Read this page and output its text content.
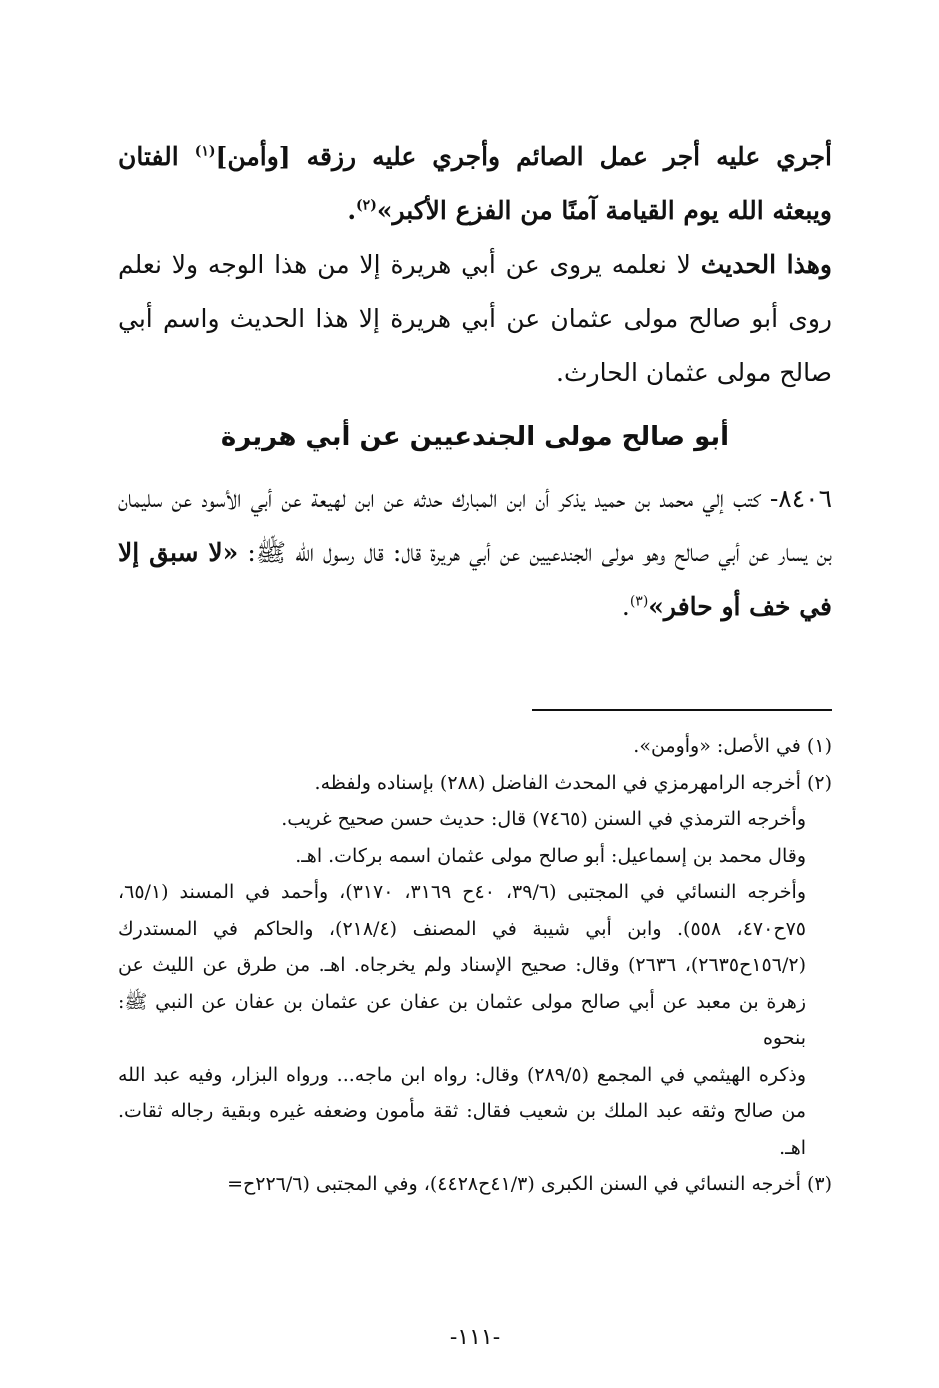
أجري عليه أجر عمل الصائم وأجري عليه رزقه [وأمن]$^{(١)}$ الفتان ويبعثه الله يوم القيامة آمنًا من الفزع الأكبر»$^{(٢)}$.

وهذا الحديث لا نعلمه يروى عن أبي هريرة إلا من هذا الوجه ولا نعلم روى أبو صالح مولى عثمان عن أبي هريرة إلا هذا الحديث واسم أبي صالح مولى عثمان الحارث.

أبو صالح مولى الجندعيين عن أبي هريرة

٨٤٠٦- كتب إلي محمد بن حميد يذكر أن ابن المبارك حدثه عن ابن لهيعة عن أبي الأسود عن سليمان بن يسار عن أبي صالح وهو مولى الجندعيين عن أبي هريرة قال: قال رسول الله ﷺ: «لا سبق إلا في خف أو حافر»$^{(٣)}$.

(١) في الأصل: «وأومن».

(٢) أخرجه الرامهرمزي في المحدث الفاضل (٢٨٨) بإسناده ولفظه.

وأخرجه الترمذي في السنن (٧٤٦٥) قال: حديث حسن صحيح غريب.

وقال محمد بن إسماعيل: أبو صالح مولى عثمان اسمه بركات. اهـ.

وأخرجه النسائي في المجتبى (٣٩/٦، ٤٠ح ٣١٦٩، ٣١٧٠)، وأحمد في المسند (٦٥/١، ٧٥ح٤٧٠، ٥٥٨). وابن أبي شيبة في المصنف (٢١٨/٤)، والحاكم في المستدرك (١٥٦/٢ح٢٦٣٥)، ٢٦٣٦) وقال: صحيح الإسناد ولم يخرجاه. اهـ. من طرق عن الليث عن زهرة بن معبد عن أبي صالح مولى عثمان بن عفان عن عثمان بن عفان عن النبي ﷺ: بنحوه

وذكره الهيثمي في المجمع (٢٨٩/٥) وقال: رواه ابن ماجه... ورواه البزار، وفيه عبد الله من صالح وثقه عبد الملك بن شعيب فقال: ثقة مأمون وضعفه غيره وبقية رجاله ثقات. اهـ.

(٣) أخرجه النسائي في السنن الكبرى (٤١/٣ح٤٤٢٨)، وفي المجتبى (٢٢٦/٦ح=

-١١١-
